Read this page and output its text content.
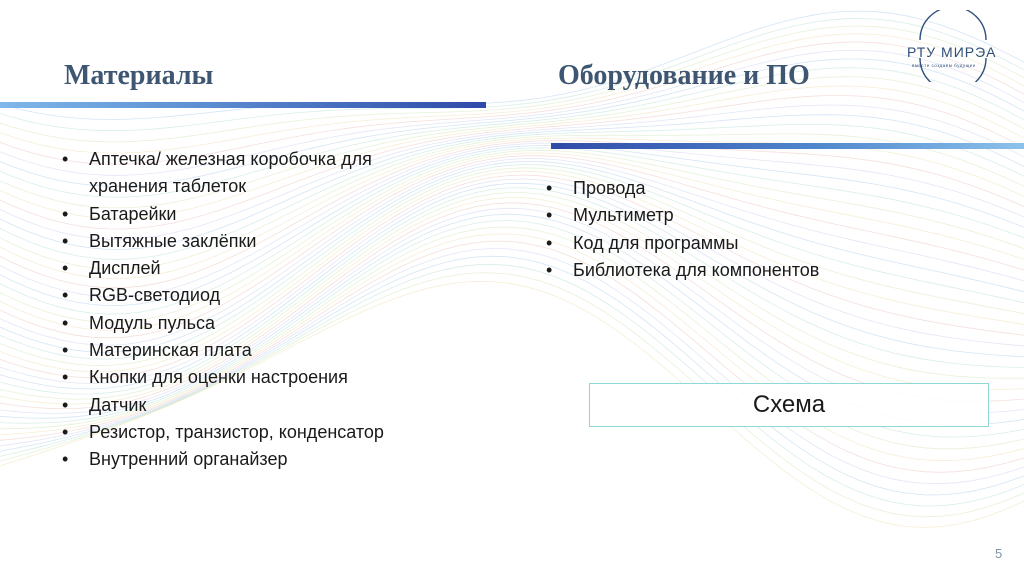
РТУ МИРЭА
вместе создаём будущее
Материалы
• Аптечка/ железная коробочка для хранения таблеток
• Батарейки
• Вытяжные заклёпки
• Дисплей
• RGB-светодиод
• Модуль пульса
• Материнская плата
• Кнопки для оценки настроения
• Датчик
• Резистор, транзистор, конденсатор
• Внутренний органайзер
Оборудование и ПО
• Провода
• Мультиметр
• Код для программы
• Библиотека для компонентов
Схема
5
